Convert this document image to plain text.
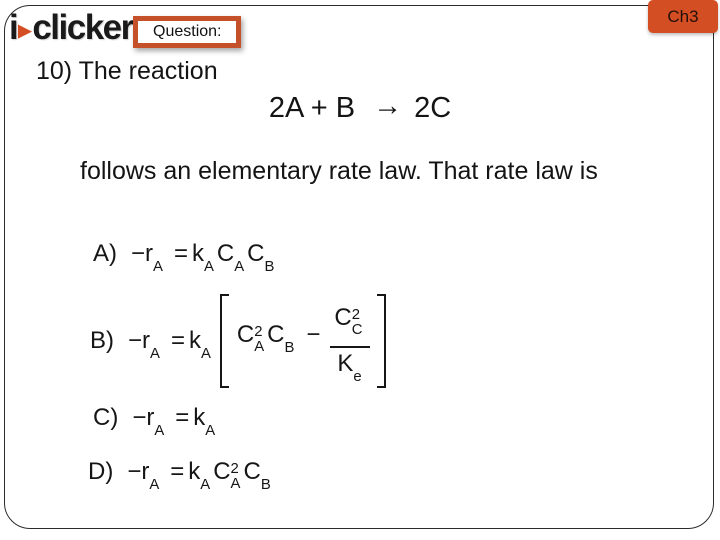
Ch3
i ▶ clicker	Question:
10) The reaction
2A + B → 2C
follows an elementary rate law. That rate law is
A) −r A = k A C A C B
B) −r A = k A
C 2
A C B − C 2
C
K e
C) −r A = k A
D) −r A = k A C 2
A C B
